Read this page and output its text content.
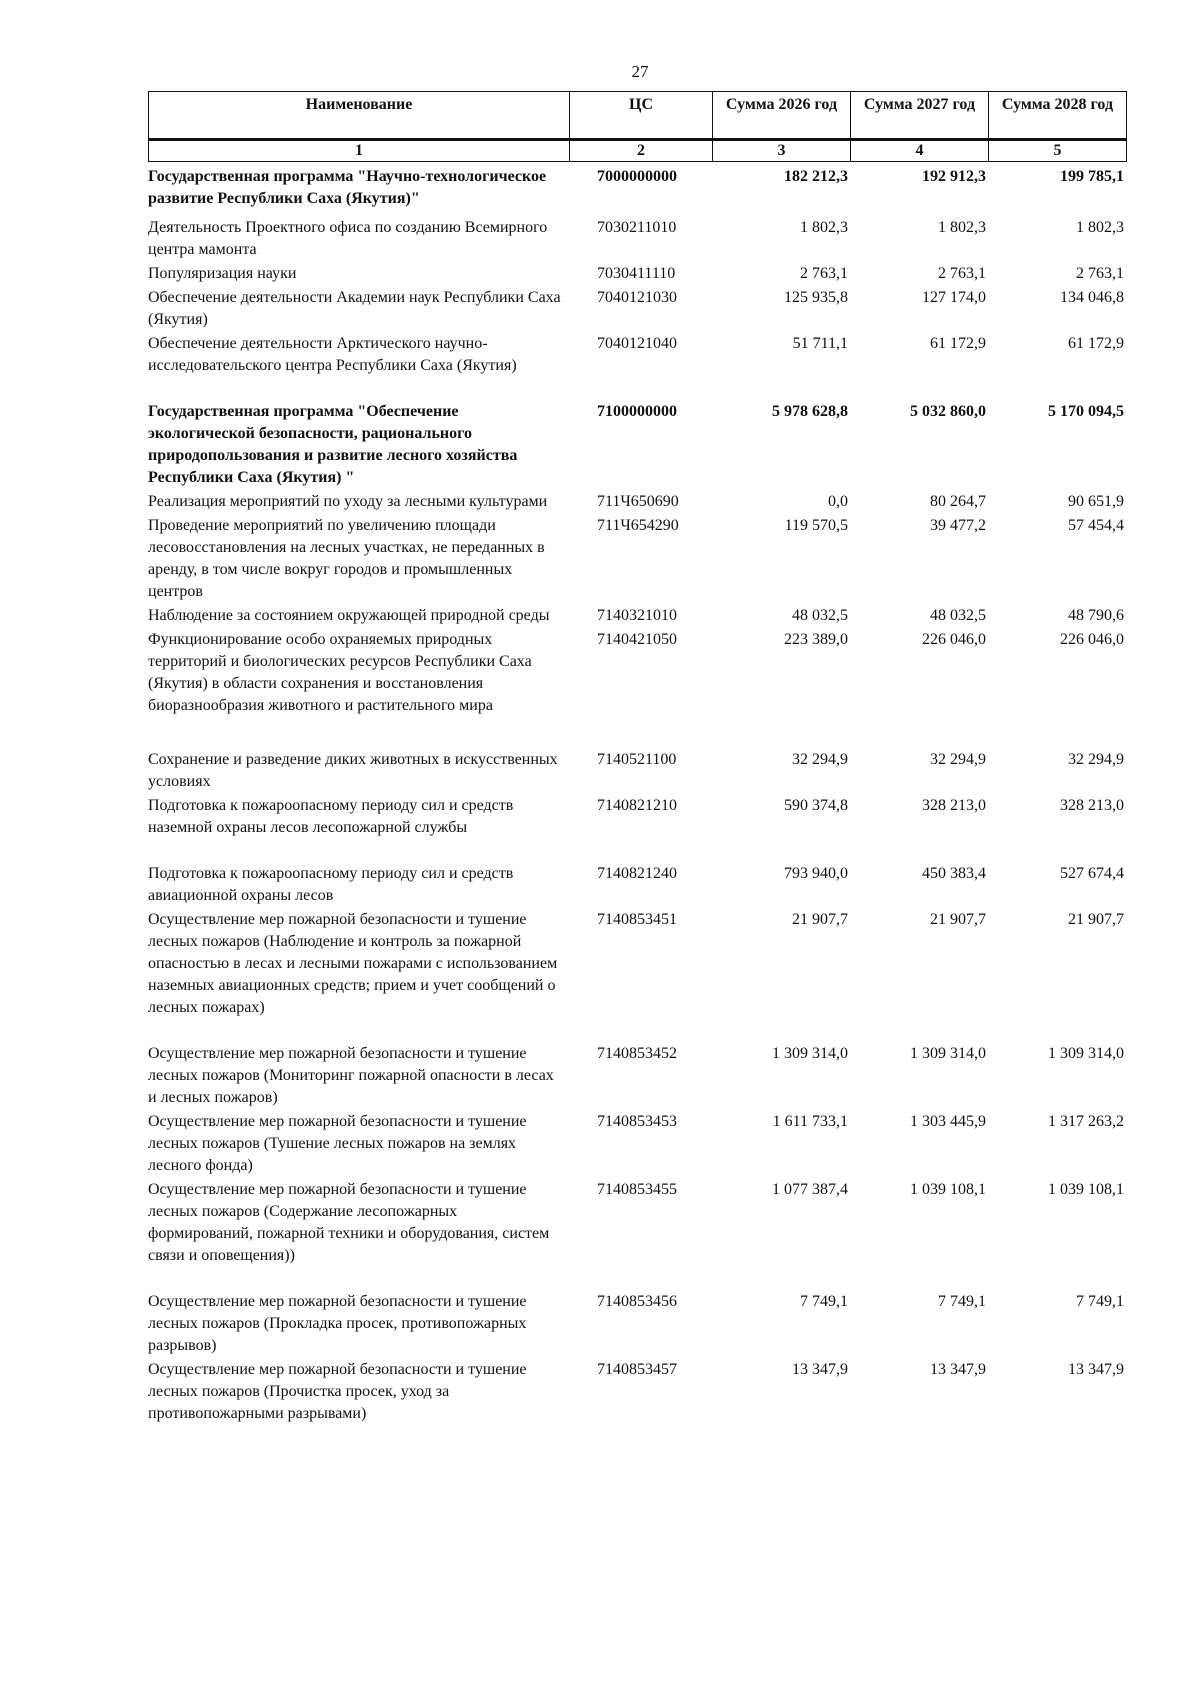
27
Наименование	ЦС	Сумма 2026 год	Сумма 2027 год	Сумма 2028 год
1	2	3	4	5
Государственная программа "Научно-технологическое развитие Республики Саха (Якутия)"	7000000000	182 212,3	192 912,3	199 785,1
Деятельность Проектного офиса по созданию Всемирного центра мамонта	7030211010	1 802,3	1 802,3	1 802,3
Популяризация науки	7030411110	2 763,1	2 763,1	2 763,1
Обеспечение деятельности Академии наук Республики Саха (Якутия)	7040121030	125 935,8	127 174,0	134 046,8
Обеспечение деятельности Арктического научно-исследовательского центра Республики Саха (Якутия)	7040121040	51 711,1	61 172,9	61 172,9
Государственная программа "Обеспечение экологической безопасности, рационального природопользования и развитие лесного хозяйства Республики Саха (Якутия) "	7100000000	5 978 628,8	5 032 860,0	5 170 094,5
Реализация мероприятий по уходу за лесными культурами	711Ч650690	0,0	80 264,7	90 651,9
Проведение мероприятий по увеличению площади лесовосстановления на лесных участках, не переданных в аренду, в том числе вокруг городов и промышленных центров	711Ч654290	119 570,5	39 477,2	57 454,4
Наблюдение за состоянием окружающей природной среды	7140321010	48 032,5	48 032,5	48 790,6
Функционирование особо охраняемых природных территорий и биологических ресурсов Республики Саха (Якутия) в области сохранения и восстановления биоразнообразия животного и растительного мира	7140421050	223 389,0	226 046,0	226 046,0
Сохранение и разведение диких животных в искусственных условиях	7140521100	32 294,9	32 294,9	32 294,9
Подготовка к пожароопасному периоду сил и средств наземной охраны лесов лесопожарной службы	7140821210	590 374,8	328 213,0	328 213,0
Подготовка к пожароопасному периоду сил и средств авиационной охраны лесов	7140821240	793 940,0	450 383,4	527 674,4
Осуществление мер пожарной безопасности и тушение лесных пожаров (Наблюдение и контроль за пожарной опасностью в лесах и лесными пожарами с использованием наземных авиационных средств; прием и учет сообщений о лесных пожарах)	7140853451	21 907,7	21 907,7	21 907,7
Осуществление мер пожарной безопасности и тушение лесных пожаров (Мониторинг пожарной опасности в лесах и лесных пожаров)	7140853452	1 309 314,0	1 309 314,0	1 309 314,0
Осуществление мер пожарной безопасности и тушение лесных пожаров (Тушение лесных пожаров на землях лесного фонда)	7140853453	1 611 733,1	1 303 445,9	1 317 263,2
Осуществление мер пожарной безопасности и тушение лесных пожаров (Содержание лесопожарных формирований, пожарной техники и оборудования, систем связи и оповещения))	7140853455	1 077 387,4	1 039 108,1	1 039 108,1
Осуществление мер пожарной безопасности и тушение лесных пожаров (Прокладка просек, противопожарных разрывов)	7140853456	7 749,1	7 749,1	7 749,1
Осуществление мер пожарной безопасности и тушение лесных пожаров (Прочистка просек, уход за противопожарными разрывами)	7140853457	13 347,9	13 347,9	13 347,9
